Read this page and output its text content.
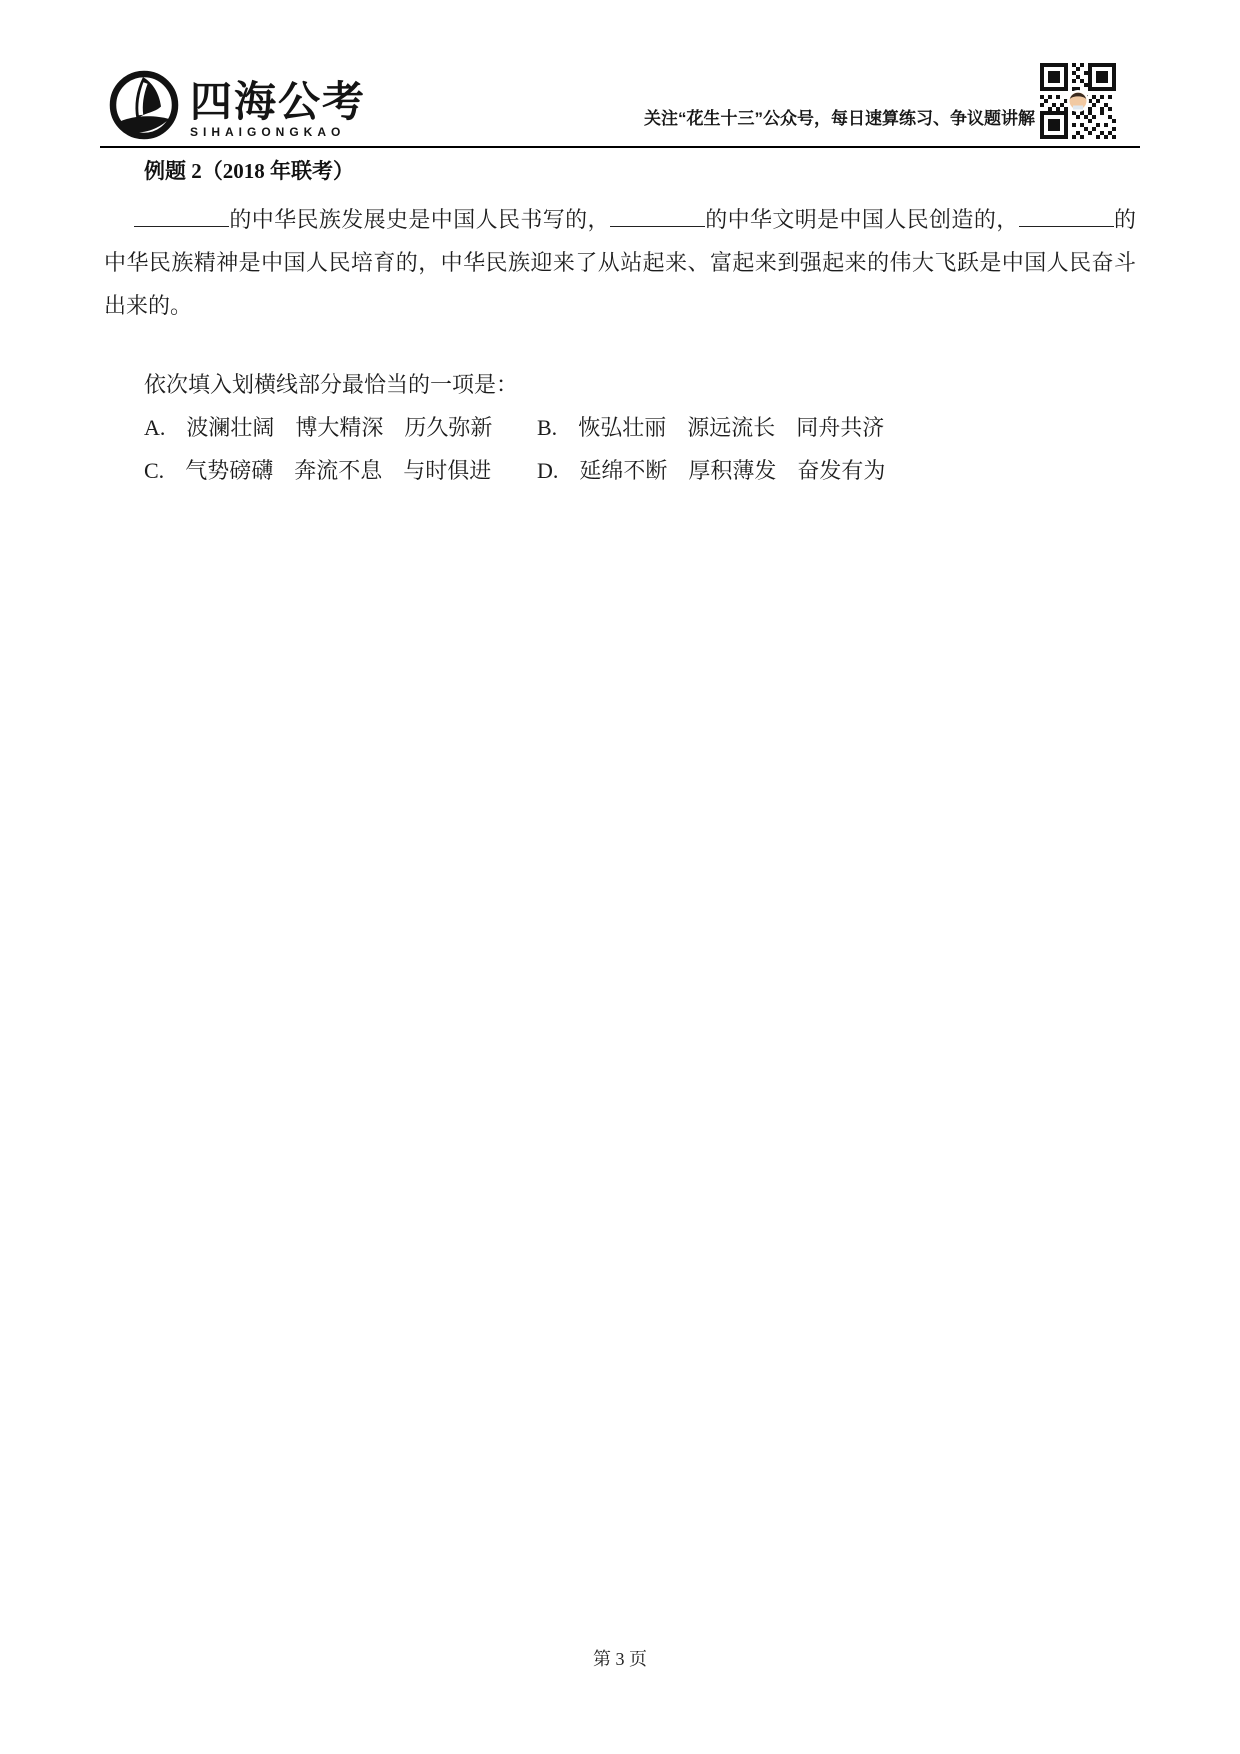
四海公考
SIHAIGONGKAO
关注“花生十三”公众号，每日速算练习、争议题讲解
例题 2（2018 年联考）

的中华民族发展史是中国人民书写的，	的中华文明是中国人民创造的，	的中华民族精神是中国人民培育的，中华民族迎来了从站起来、富起来到强起来的伟大飞跃是中国人民奋斗出来的。

依次填入划横线部分最恰当的一项是：

A. 波澜壮阔 博大精深 历久弥新	B. 恢弘壮丽 源远流长 同舟共济
C. 气势磅礴 奔流不息 与时俱进	D. 延绵不断 厚积薄发 奋发有为
第 3 页
